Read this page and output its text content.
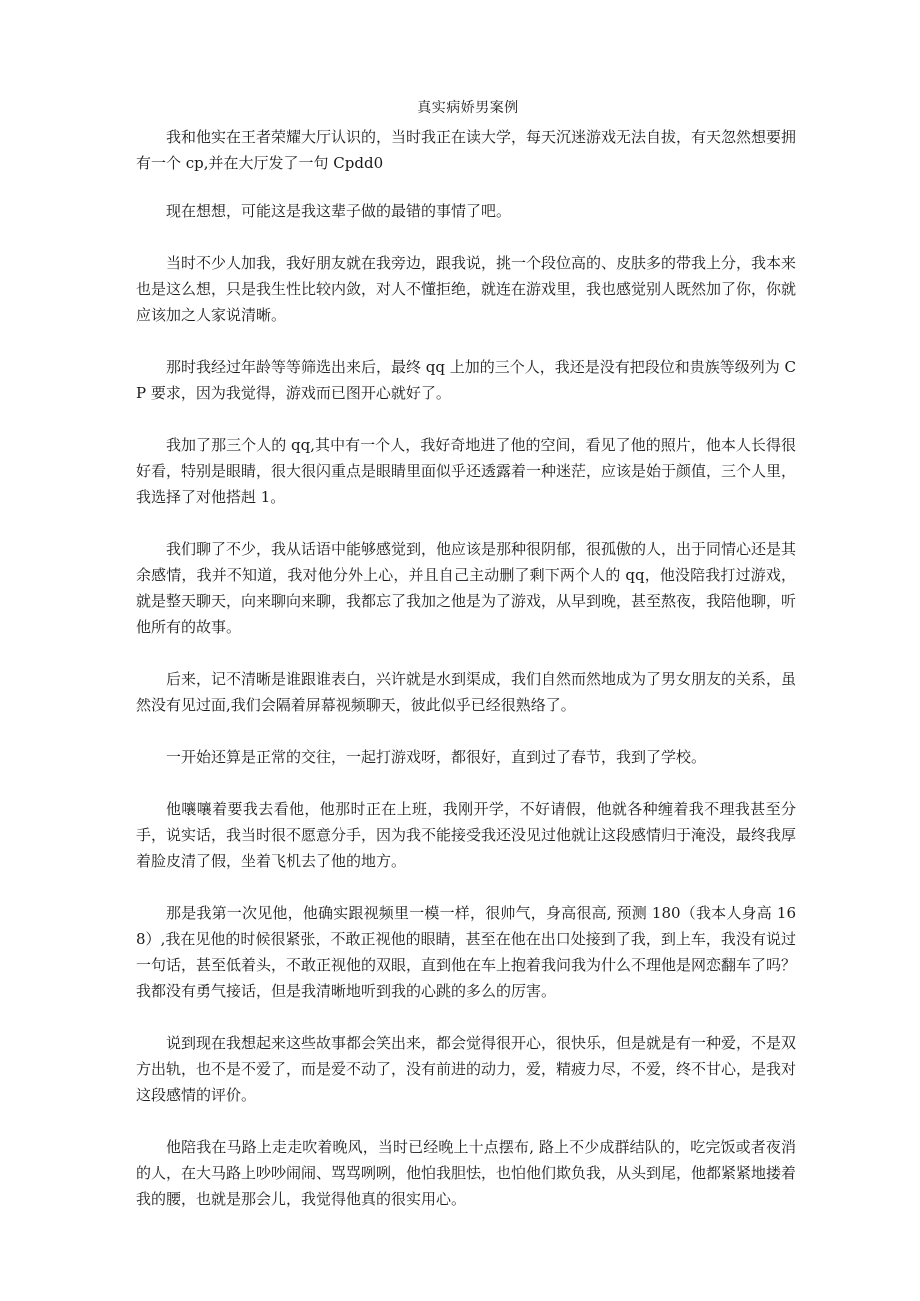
真实病娇男案例

我和他实在王者荣耀大厅认识的，当时我正在读大学，每天沉迷游戏无法自拔，有天忽然想要拥有一个 cp,并在大厅发了一句 Cpdd0

现在想想，可能这是我这辈子做的最错的事情了吧。

当时不少人加我，我好朋友就在我旁边，跟我说，挑一个段位高的、皮肤多的带我上分，我本来也是这么想，只是我生性比较内敛，对人不懂拒绝，就连在游戏里，我也感觉别人既然加了你，你就应该加之人家说清晰。

那时我经过年龄等等筛选出来后，最终 qq 上加的三个人，我还是没有把段位和贵族等级列为 CP 要求，因为我觉得，游戏而已图开心就好了。

我加了那三个人的 qq,其中有一个人，我好奇地进了他的空间，看见了他的照片，他本人长得很好看，特别是眼睛，很大很闪重点是眼睛里面似乎还透露着一种迷茫，应该是始于颜值，三个人里，我选择了对他搭赳 1。

我们聊了不少，我从话语中能够感觉到，他应该是那种很阴郁，很孤傲的人，出于同情心还是其余感情，我并不知道，我对他分外上心，并且自己主动删了剩下两个人的 qq，他没陪我打过游戏，就是整天聊天，向来聊向来聊，我都忘了我加之他是为了游戏，从早到晚，甚至熬夜，我陪他聊，听他所有的故事。

后来，记不清晰是谁跟谁表白，兴许就是水到渠成，我们自然而然地成为了男女朋友的关系，虽然没有见过面,我们会隔着屏幕视频聊天，彼此似乎已经很熟络了。

一开始还算是正常的交往，一起打游戏呀，都很好，直到过了春节，我到了学校。

他嚷嚷着要我去看他，他那时正在上班，我刚开学，不好请假，他就各种缠着我不理我甚至分手，说实话，我当时很不愿意分手，因为我不能接受我还没见过他就让这段感情归于淹没，最终我厚着脸皮清了假，坐着飞机去了他的地方。

那是我第一次见他，他确实跟视频里一模一样，很帅气，身高很高, 预测 180（我本人身高 168）,我在见他的时候很紧张，不敢正视他的眼睛，甚至在他在出口处接到了我，到上车，我没有说过一句话，甚至低着头，不敢正视他的双眼，直到他在车上抱着我问我为什么不理他是网恋翻车了吗？我都没有勇气接话，但是我清晰地听到我的心跳的多么的厉害。

说到现在我想起来这些故事都会笑出来，都会觉得很开心，很快乐，但是就是有一种爱，不是双方出轨，也不是不爱了，而是爱不动了，没有前进的动力，爱，精疲力尽，不爱，终不甘心，是我对这段感情的评价。

他陪我在马路上走走吹着晚风，当时已经晚上十点摆布, 路上不少成群结队的，吃完饭或者夜消的人，在大马路上吵吵闹闹、骂骂咧咧，他怕我胆怯，也怕他们欺负我，从头到尾，他都紧紧地搂着我的腰，也就是那会儿，我觉得他真的很实用心。
